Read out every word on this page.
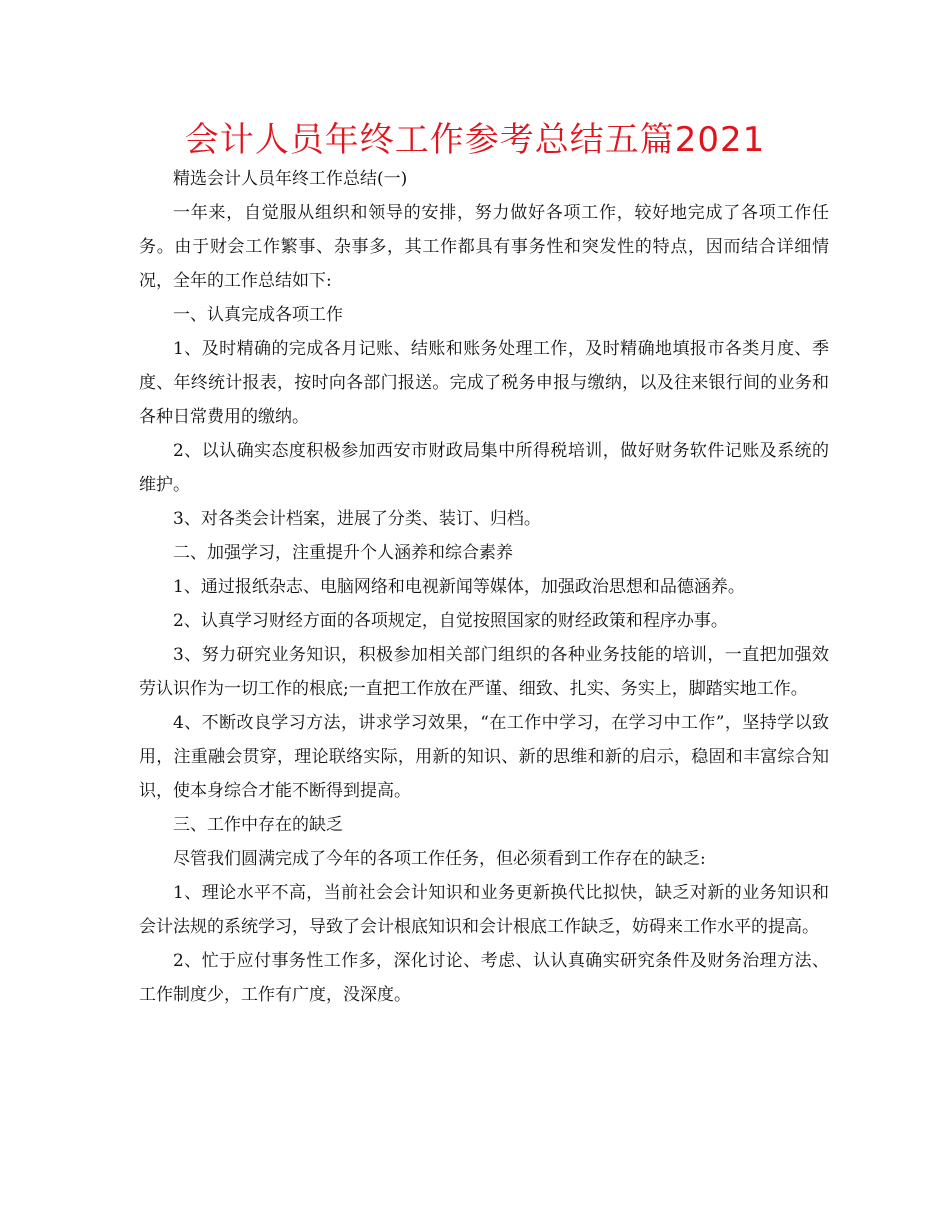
会计人员年终工作参考总结五篇2021

精选会计人员年终工作总结(一)

一年来，自觉服从组织和领导的安排，努力做好各项工作，较好地完成了各项工作任务。由于财会工作繁事、杂事多，其工作都具有事务性和突发性的特点，因而结合详细情况，全年的工作总结如下:

一、认真完成各项工作

1、及时精确的完成各月记账、结账和账务处理工作，及时精确地填报市各类月度、季度、年终统计报表，按时向各部门报送。完成了税务申报与缴纳，以及往来银行间的业务和各种日常费用的缴纳。

2、以认确实态度积极参加西安市财政局集中所得税培训，做好财务软件记账及系统的维护。

3、对各类会计档案，进展了分类、装订、归档。

二、加强学习，注重提升个人涵养和综合素养

1、通过报纸杂志、电脑网络和电视新闻等媒体，加强政治思想和品德涵养。

2、认真学习财经方面的各项规定，自觉按照国家的财经政策和程序办事。

3、努力研究业务知识，积极参加相关部门组织的各种业务技能的培训，一直把加强效劳认识作为一切工作的根底;一直把工作放在严谨、细致、扎实、务实上，脚踏实地工作。

4、不断改良学习方法，讲求学习效果，“在工作中学习，在学习中工作”，坚持学以致用，注重融会贯穿，理论联络实际，用新的知识、新的思维和新的启示，稳固和丰富综合知识，使本身综合才能不断得到提高。

三、工作中存在的缺乏

尽管我们圆满完成了今年的各项工作任务，但必须看到工作存在的缺乏:

1、理论水平不高，当前社会会计知识和业务更新换代比拟快，缺乏对新的业务知识和会计法规的系统学习，导致了会计根底知识和会计根底工作缺乏，妨碍来工作水平的提高。

2、忙于应付事务性工作多，深化讨论、考虑、认认真确实研究条件及财务治理方法、工作制度少，工作有广度，没深度。
